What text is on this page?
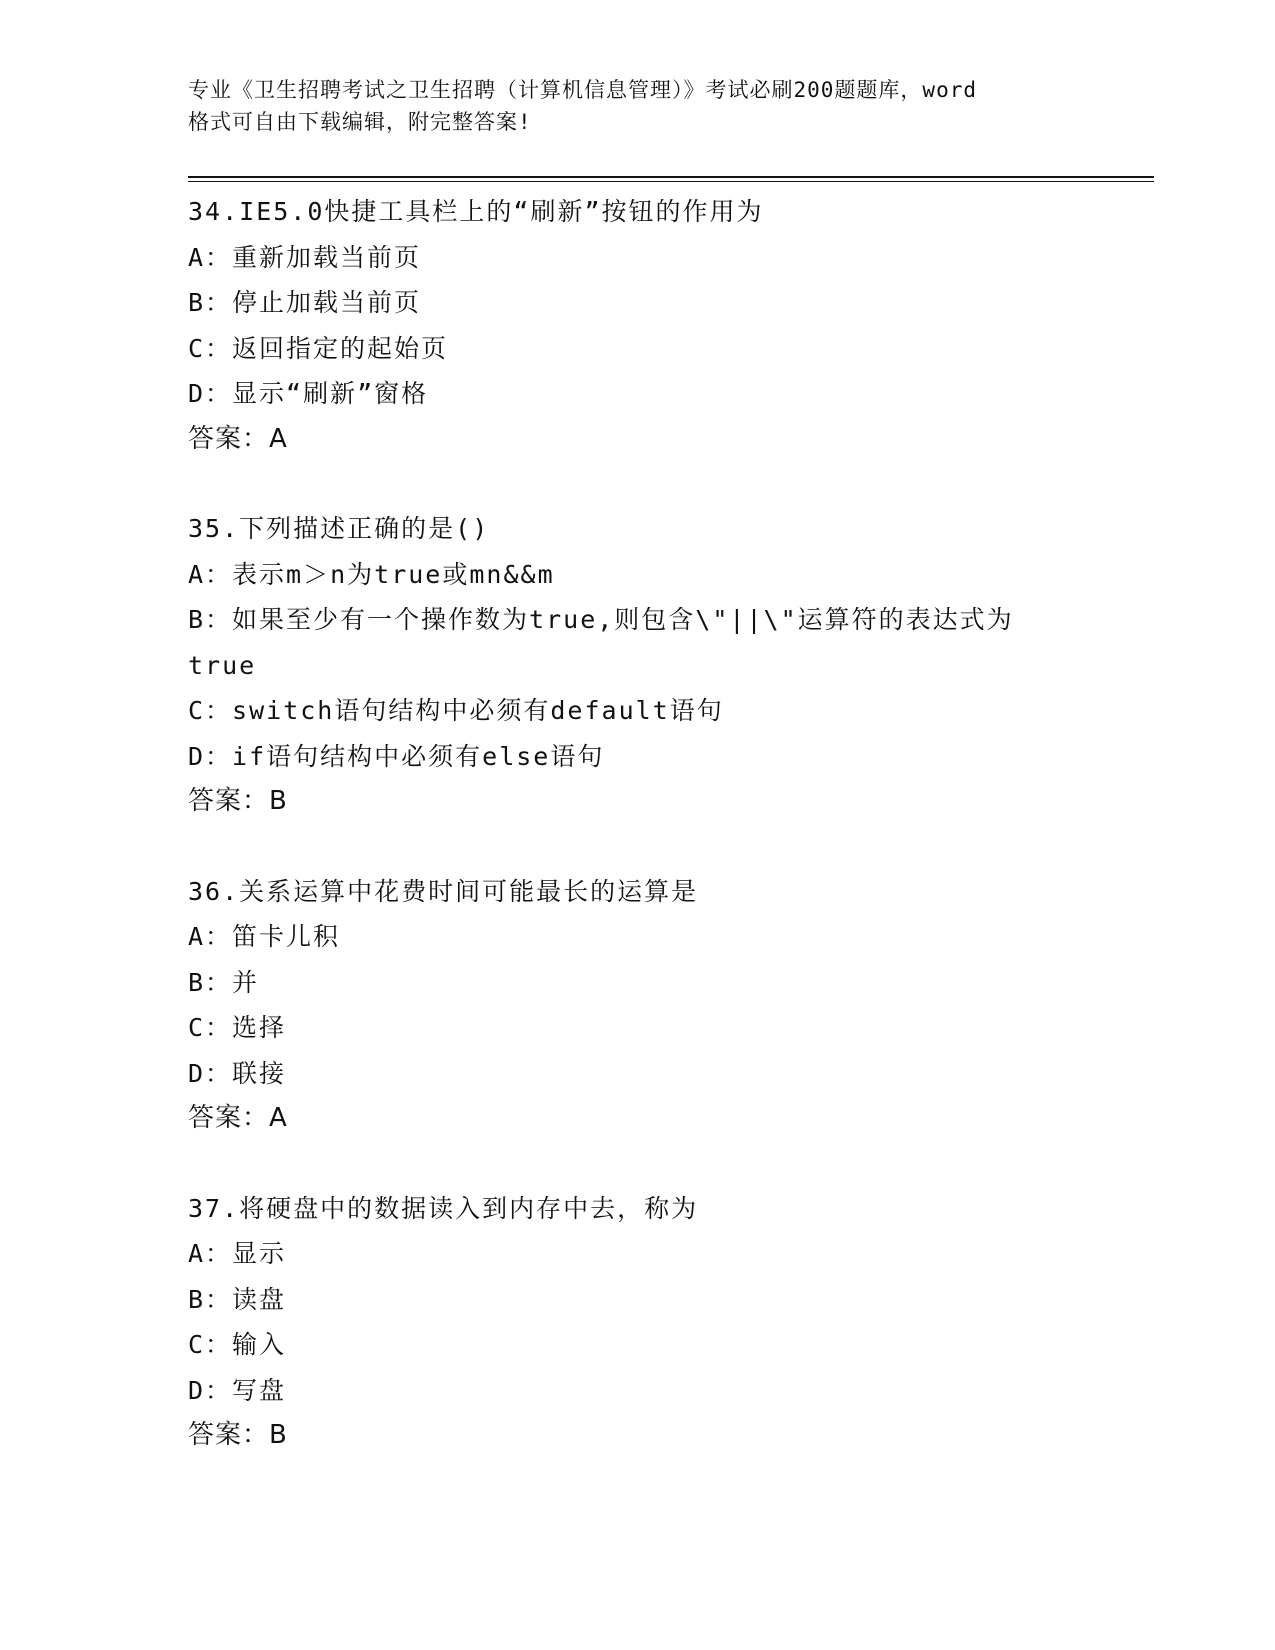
专业《卫生招聘考试之卫生招聘（计算机信息管理）》考试必刷200题题库，word
格式可自由下载编辑，附完整答案!
34.IE5.0快捷工具栏上的“刷新”按钮的作用为
A：重新加载当前页
B：停止加载当前页
C：返回指定的起始页
D：显示“刷新”窗格
答案：A
35.下列描述正确的是()
A：表示m＞n为true或mn&&m
B：如果至少有一个操作数为true,则包含\"||\"运算符的表达式为
true
C：switch语句结构中必须有default语句
D：if语句结构中必须有else语句
答案：B
36.关系运算中花费时间可能最长的运算是
A：笛卡儿积
B：并
C：选择
D：联接
答案：A
37.将硬盘中的数据读入到内存中去，称为
A：显示
B：读盘
C：输入
D：写盘
答案：B
